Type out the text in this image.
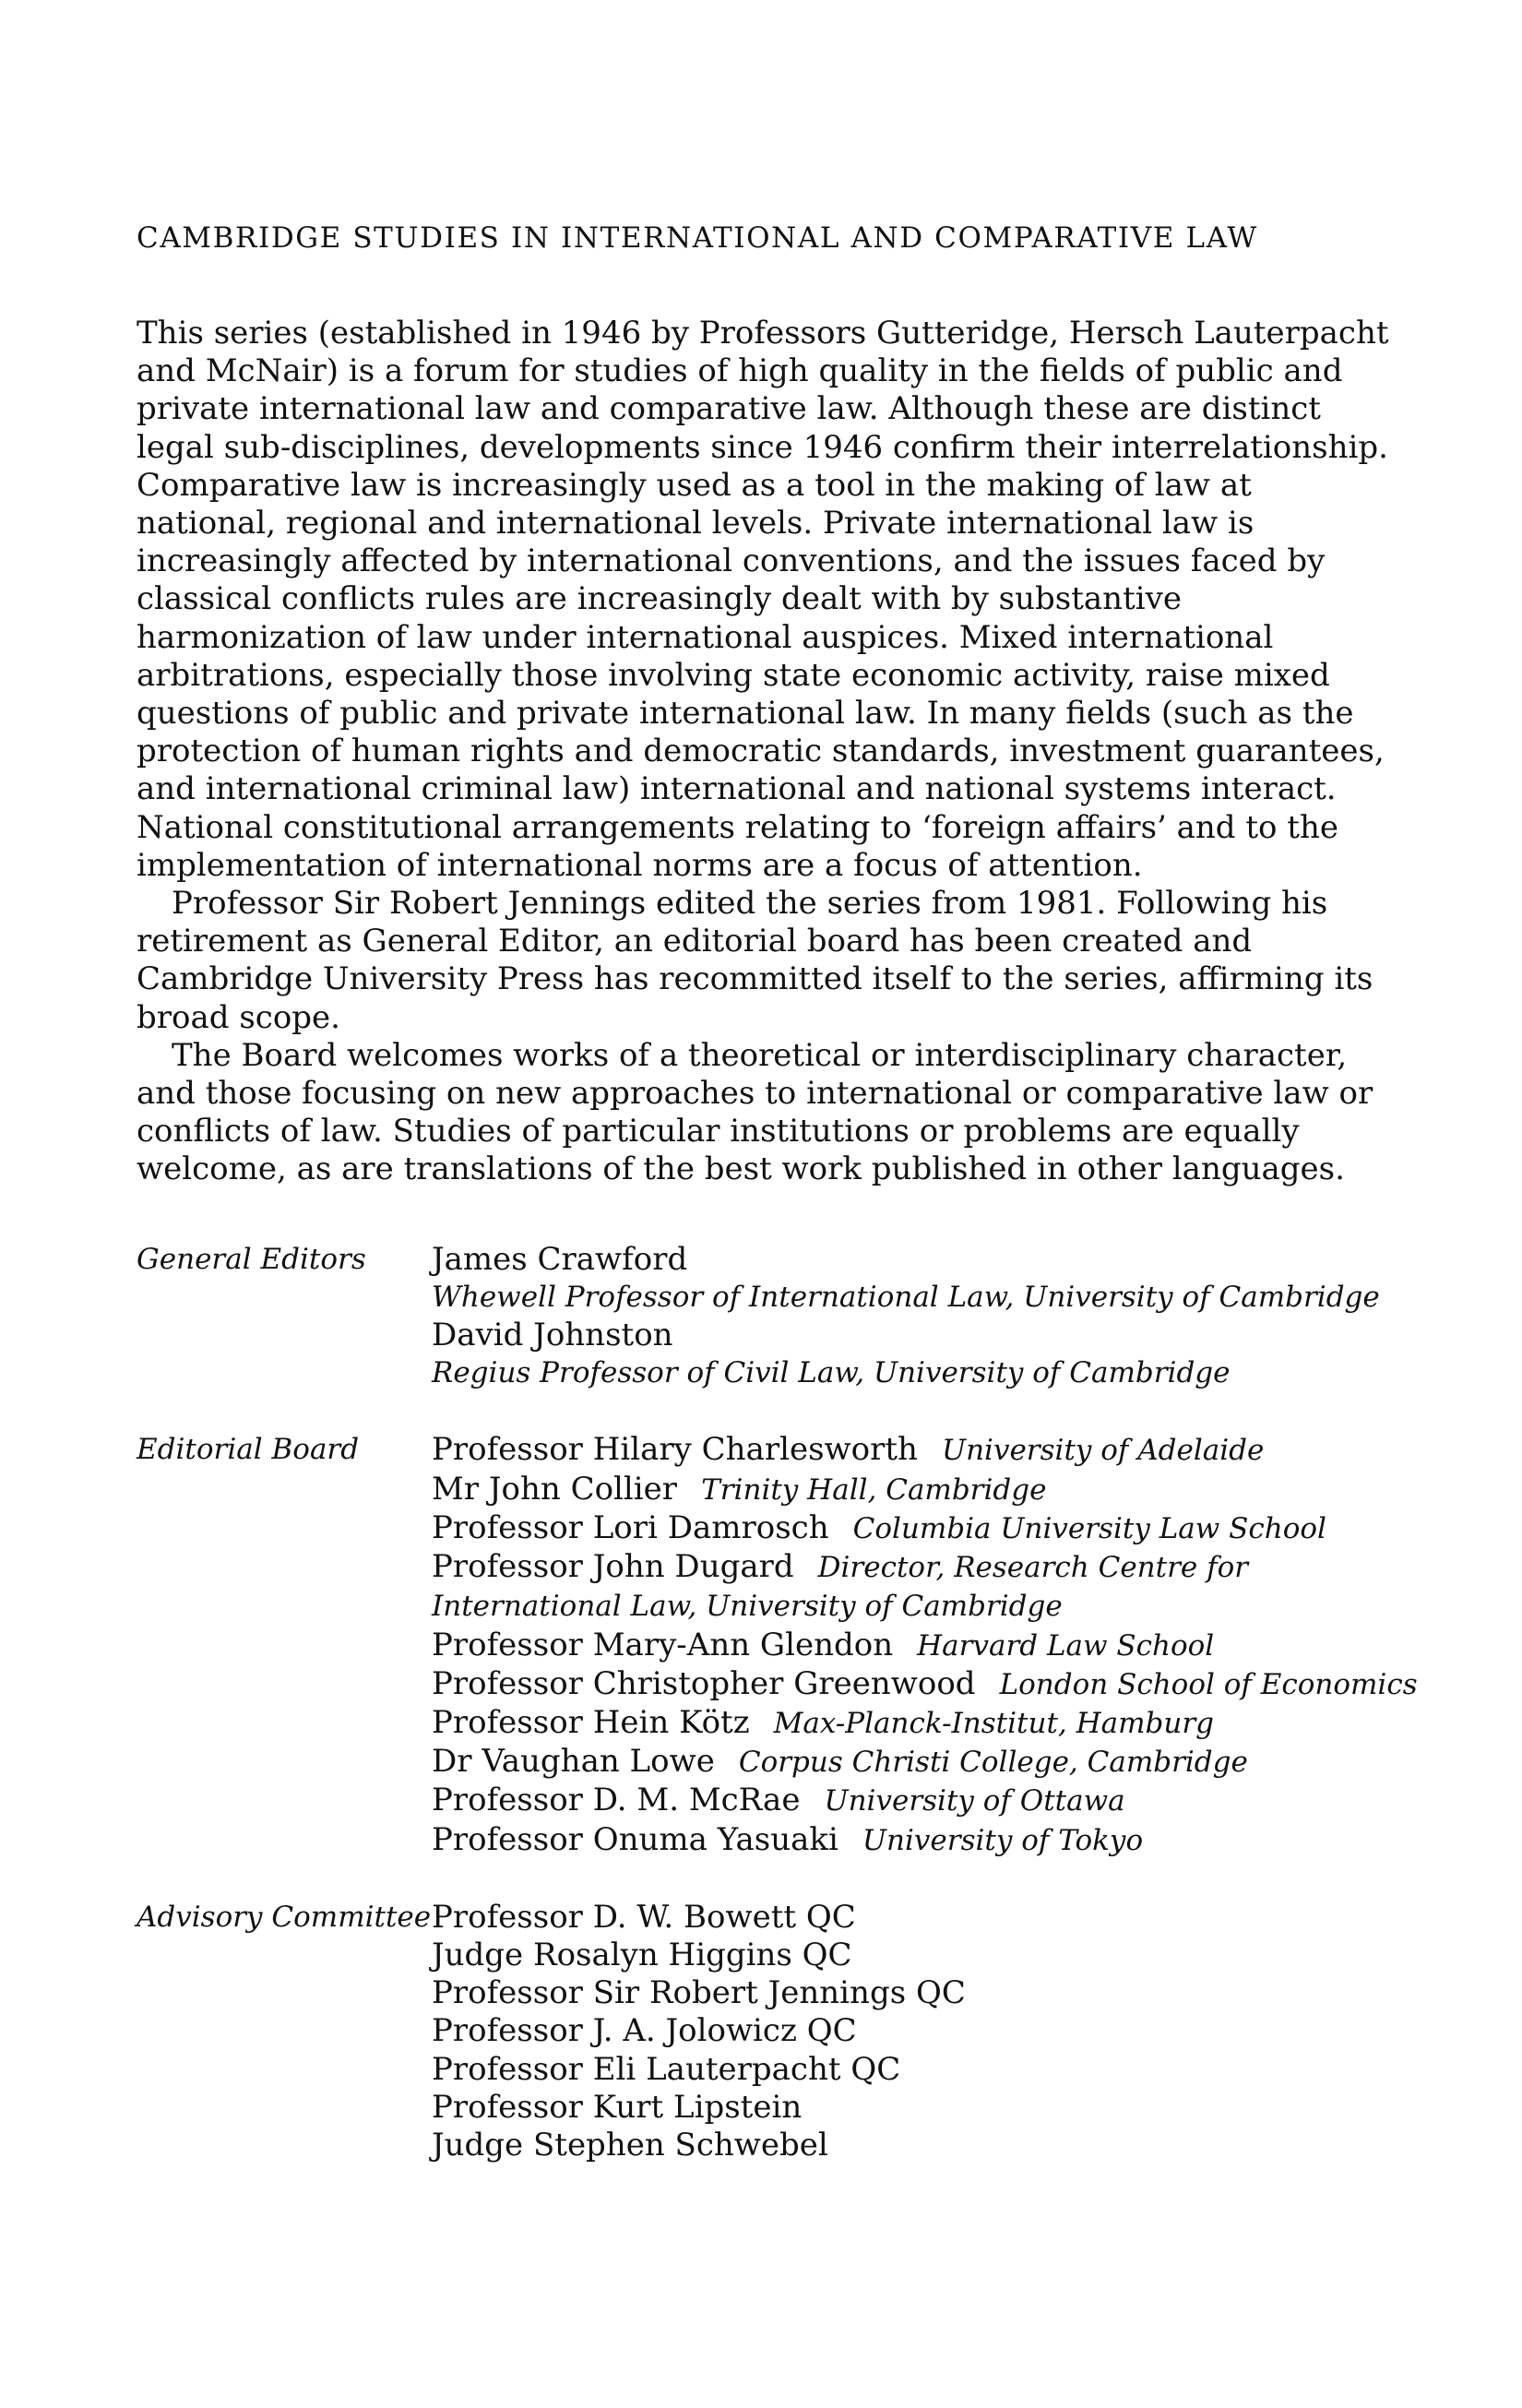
CAMBRIDGE STUDIES IN INTERNATIONAL AND COMPARATIVE LAW

This series (established in 1946 by Professors Gutteridge, Hersch Lauterpacht and McNair) is a forum for studies of high quality in the fields of public and private international law and comparative law. Although these are distinct legal sub-disciplines, developments since 1946 confirm their interrelationship. Comparative law is increasingly used as a tool in the making of law at national, regional and international levels. Private international law is increasingly affected by international conventions, and the issues faced by classical conflicts rules are increasingly dealt with by substantive harmonization of law under international auspices. Mixed international arbitrations, especially those involving state economic activity, raise mixed questions of public and private international law. In many fields (such as the protection of human rights and democratic standards, investment guarantees, and international criminal law) international and national systems interact. National constitutional arrangements relating to ‘foreign affairs’ and to the implementation of international norms are a focus of attention.

Professor Sir Robert Jennings edited the series from 1981. Following his retirement as General Editor, an editorial board has been created and Cambridge University Press has recommitted itself to the series, affirming its broad scope.

The Board welcomes works of a theoretical or interdisciplinary character, and those focusing on new approaches to international or comparative law or conflicts of law. Studies of particular institutions or problems are equally welcome, as are translations of the best work published in other languages.

General Editors	James Crawford
Whewell Professor of International Law, University of Cambridge
David Johnston
Regius Professor of Civil Law, University of Cambridge
Editorial Board	Professor Hilary Charlesworth University of Adelaide
Mr John Collier Trinity Hall, Cambridge
Professor Lori Damrosch Columbia University Law School
Professor John Dugard Director, Research Centre for
International Law, University of Cambridge
Professor Mary-Ann Glendon Harvard Law School
Professor Christopher Greenwood London School of Economics
Professor Hein Kötz Max-Planck-Institut, Hamburg
Dr Vaughan Lowe Corpus Christi College, Cambridge
Professor D. M. McRae University of Ottawa
Professor Onuma Yasuaki University of Tokyo
Advisory Committee Professor D. W. Bowett QC
Judge Rosalyn Higgins QC
Professor Sir Robert Jennings QC
Professor J. A. Jolowicz QC
Professor Eli Lauterpacht QC
Professor Kurt Lipstein
Judge Stephen Schwebel
